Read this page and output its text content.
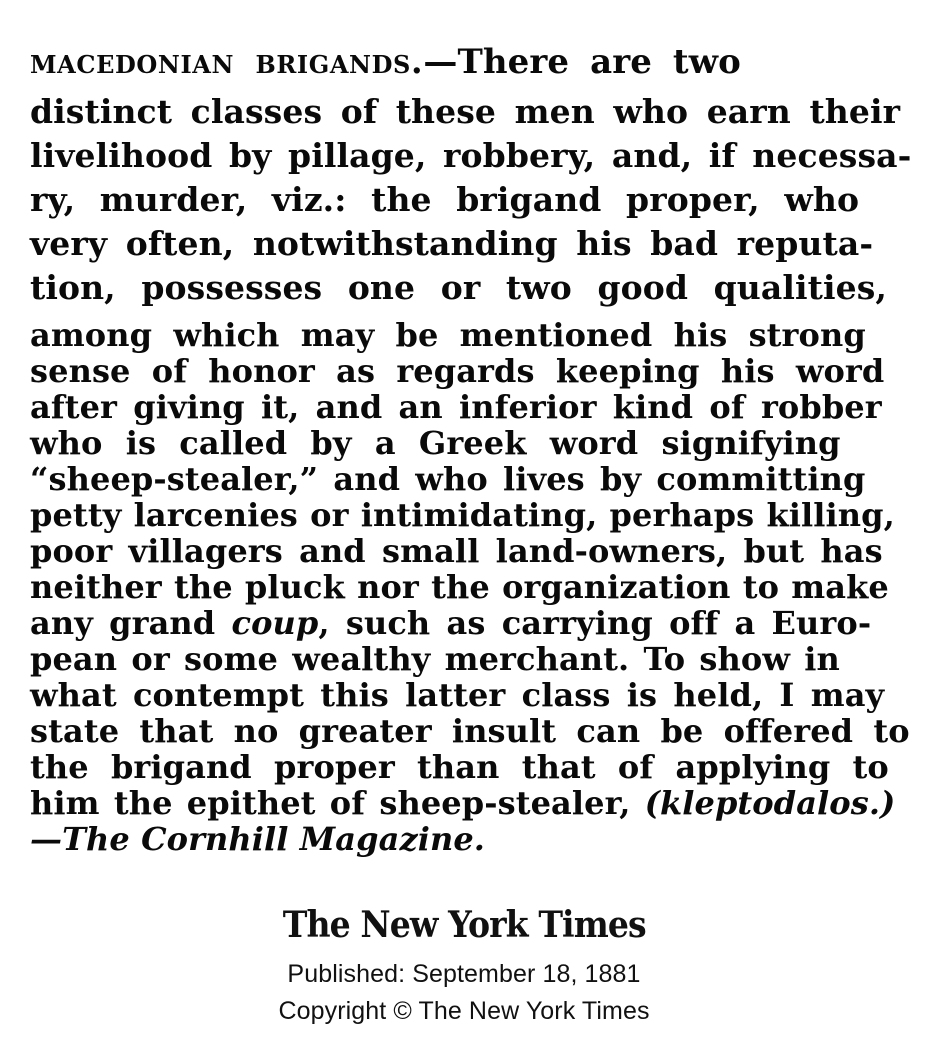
macedonian brigands.—There are two
distinct classes of these men who earn their
livelihood by pillage, robbery, and, if necessa-
ry, murder, viz.: the brigand proper, who
very often, notwithstanding his bad reputa-
tion, possesses one or two good qualities,
among which may be mentioned his strong
sense of honor as regards keeping his word
after giving it, and an inferior kind of robber
who is called by a Greek word signifying
“sheep-stealer,” and who lives by committing
petty larcenies or intimidating, perhaps killing,
poor villagers and small land-owners, but has
neither the pluck nor the organization to make
any grand coup, such as carrying off a Euro-
pean or some wealthy merchant. To show in
what contempt this latter class is held, I may
state that no greater insult can be offered to
the brigand proper than that of applying to
him the epithet of sheep-stealer, (kleptodalos.)
—The Cornhill Magazine.
The New York Times
Published: September 18, 1881
Copyright © The New York Times
